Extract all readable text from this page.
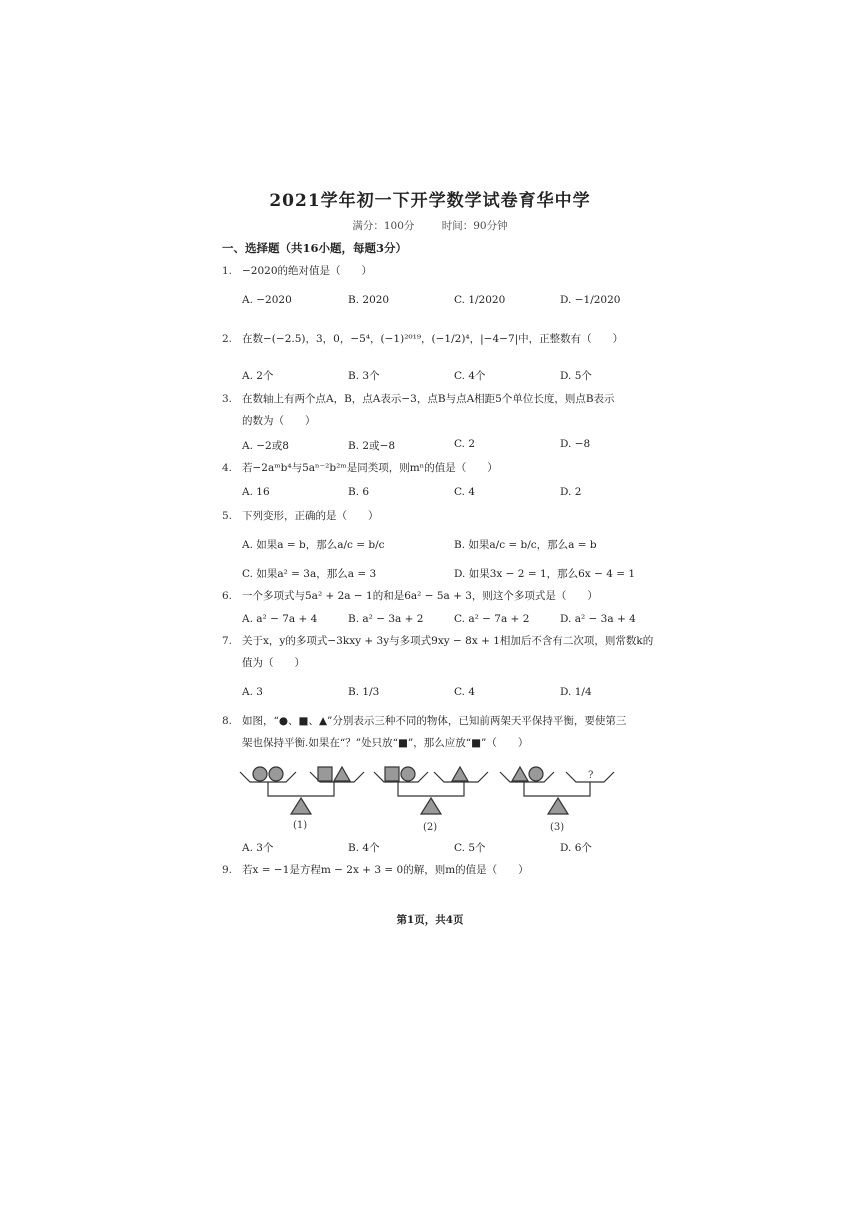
2021学年初一下开学数学试卷育华中学
满分：100分	时间：90分钟
一、选择题（共16小题，每题3分）
1. −2020的绝对值是（　　）
A. −2020	B. 2020	C. 1/2020	D. −1/2020
2. 在数−(−2.5)，3，0，−5⁴，(−1)²⁰¹⁹，(−1/2)⁴，|−4−7|中，正整数有（　　）
A. 2个	B. 3个	C. 4个	D. 5个
3. 在数轴上有两个点A，B，点A表示−3，点B与点A相距5个单位长度，则点B表示
的数为（　　）
A. −2或8	B. 2或−8	C. 2	D. −8
4. 若−2aᵐb⁴与5aⁿ⁻²b²ᵐ是同类项，则mⁿ的值是（　　）
A. 16	B. 6	C. 4	D. 2
5. 下列变形，正确的是（　　）
A. 如果a = b，那么a/c = b/c	B. 如果a/c = b/c，那么a = b
C. 如果a² = 3a，那么a = 3	D. 如果3x − 2 = 1，那么6x − 4 = 1
6. 一个多项式与5a² + 2a − 1的和是6a² − 5a + 3，则这个多项式是（　　）
A. a² − 7a + 4	B. a² − 3a + 2	C. a² − 7a + 2	D. a² − 3a + 4
7. 关于x，y的多项式−3kxy + 3y与多项式9xy − 8x + 1相加后不含有二次项，则常数k的
值为（　　）
A. 3	B. 1/3	C. 4	D. 1/4
8. 如图，“●、■、▲”分别表示三种不同的物体，已知前两架天平保持平衡，要使第三
架也保持平衡.如果在“？”处只放“■”，那么应放“■”（　　）
(1)	(2)	(3)
?
A. 3个	B. 4个	C. 5个	D. 6个
9. 若x = −1是方程m − 2x + 3 = 0的解，则m的值是（　　）
第1页，共4页
